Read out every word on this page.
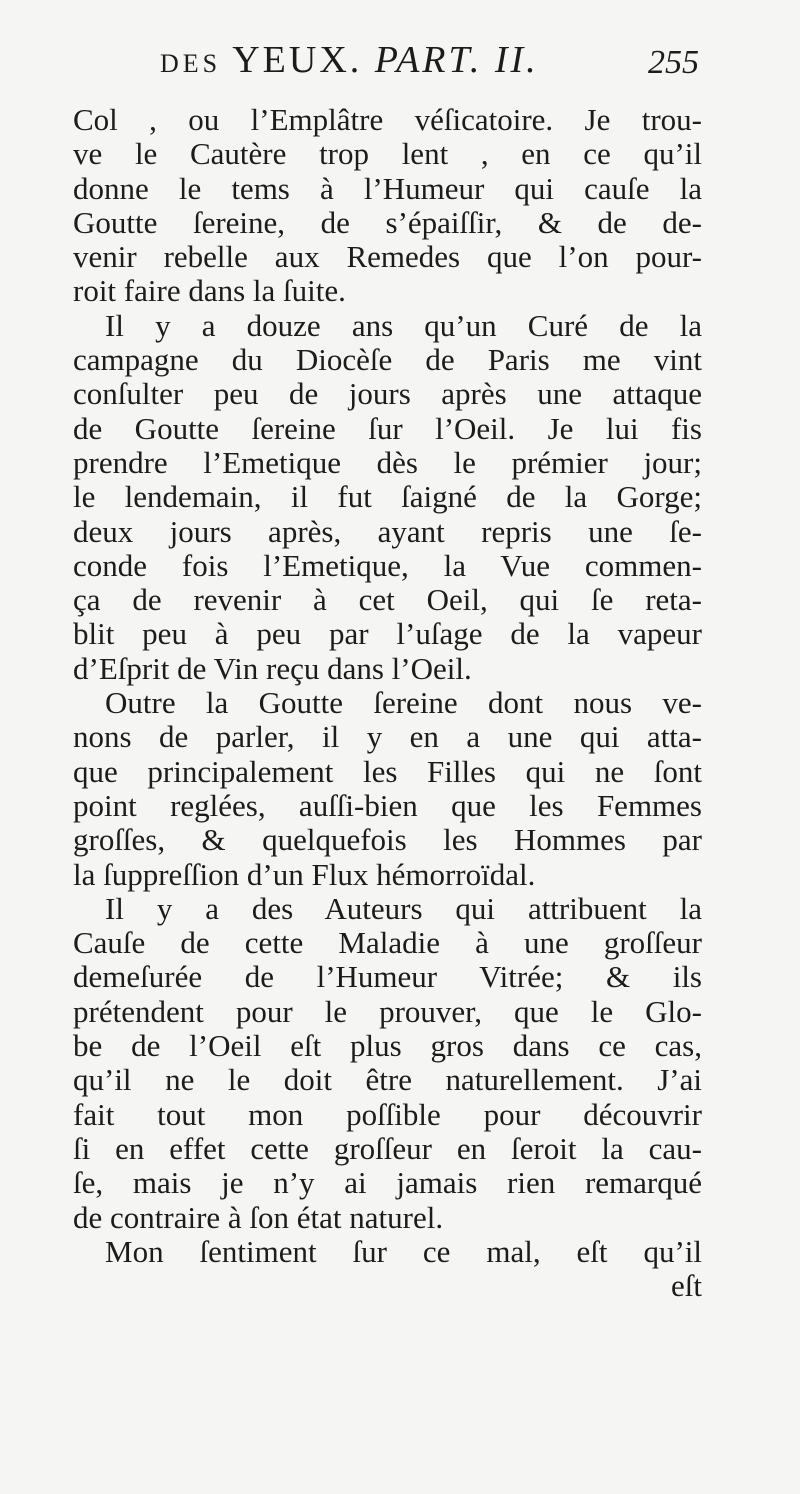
DES YEUX. PART. II.	255
Col , ou l’Emplâtre véſicatoire. Je trou-
ve le Cautère trop lent , en ce qu’il
donne le tems à l’Humeur qui cauſe la
Goutte ſereine, de s’épaiſſir, & de de-
venir rebelle aux Remedes que l’on pour-
roit faire dans la ſuite.
Il y a douze ans qu’un Curé de la
campagne du Diocèſe de Paris me vint
conſulter peu de jours après une attaque
de Goutte ſereine ſur l’Oeil. Je lui fis
prendre l’Emetique dès le prémier jour;
le lendemain, il fut ſaigné de la Gorge;
deux jours après, ayant repris une ſe-
conde fois l’Emetique, la Vue commen-
ça de revenir à cet Oeil, qui ſe reta-
blit peu à peu par l’uſage de la vapeur
d’Eſprit de Vin reçu dans l’Oeil.
Outre la Goutte ſereine dont nous ve-
nons de parler, il y en a une qui atta-
que principalement les Filles qui ne ſont
point reglées, auſſi-bien que les Femmes
groſſes, & quelquefois les Hommes par
la ſuppreſſion d’un Flux hémorroïdal.
Il y a des Auteurs qui attribuent la
Cauſe de cette Maladie à une groſſeur
demeſurée de l’Humeur Vitrée; & ils
prétendent pour le prouver, que le Glo-
be de l’Oeil eſt plus gros dans ce cas,
qu’il ne le doit être naturellement. J’ai
fait tout mon poſſible pour découvrir
ſi en effet cette groſſeur en ſeroit la cau-
ſe, mais je n’y ai jamais rien remarqué
de contraire à ſon état naturel.
Mon ſentiment ſur ce mal, eſt qu’il
eſt
